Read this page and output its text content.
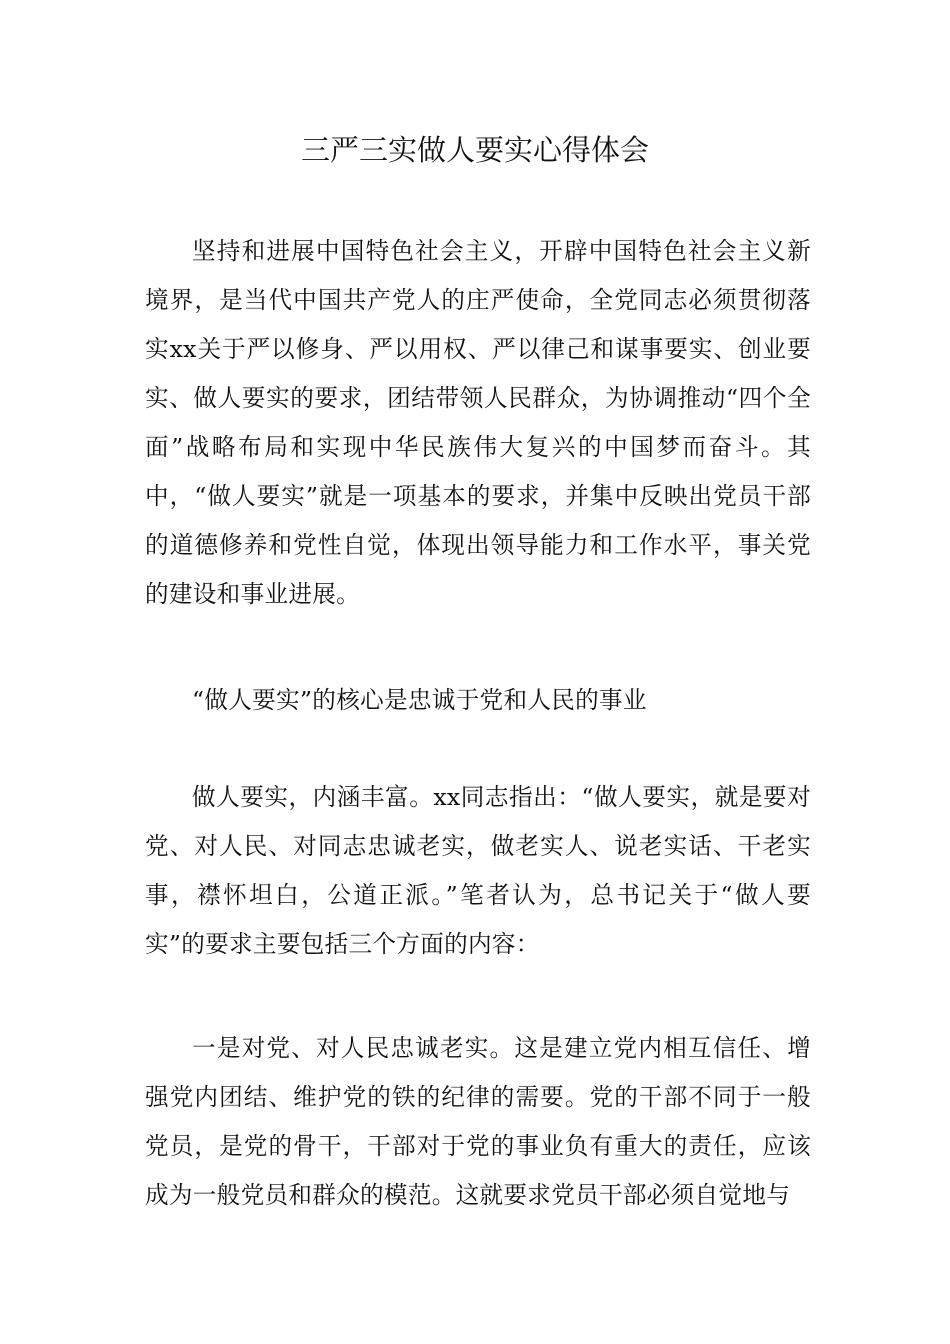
三严三实做人要实心得体会

坚持和进展中国特色社会主义，开辟中国特色社会主义新境界，是当代中国共产党人的庄严使命，全党同志必须贯彻落实xx关于严以修身、严以用权、严以律己和谋事要实、创业要实、做人要实的要求，团结带领人民群众，为协调推动“四个全面”战略布局和实现中华民族伟大复兴的中国梦而奋斗。其中，“做人要实”就是一项基本的要求，并集中反映出党员干部的道德修养和党性自觉，体现出领导能力和工作水平，事关党的建设和事业进展。

“做人要实”的核心是忠诚于党和人民的事业

做人要实，内涵丰富。xx同志指出：“做人要实，就是要对党、对人民、对同志忠诚老实，做老实人、说老实话、干老实事，襟怀坦白，公道正派。”笔者认为，总书记关于“做人要实”的要求主要包括三个方面的内容：

一是对党、对人民忠诚老实。这是建立党内相互信任、增强党内团结、维护党的铁的纪律的需要。党的干部不同于一般党员，是党的骨干，干部对于党的事业负有重大的责任，应该成为一般党员和群众的模范。这就要求党员干部必须自觉地与
